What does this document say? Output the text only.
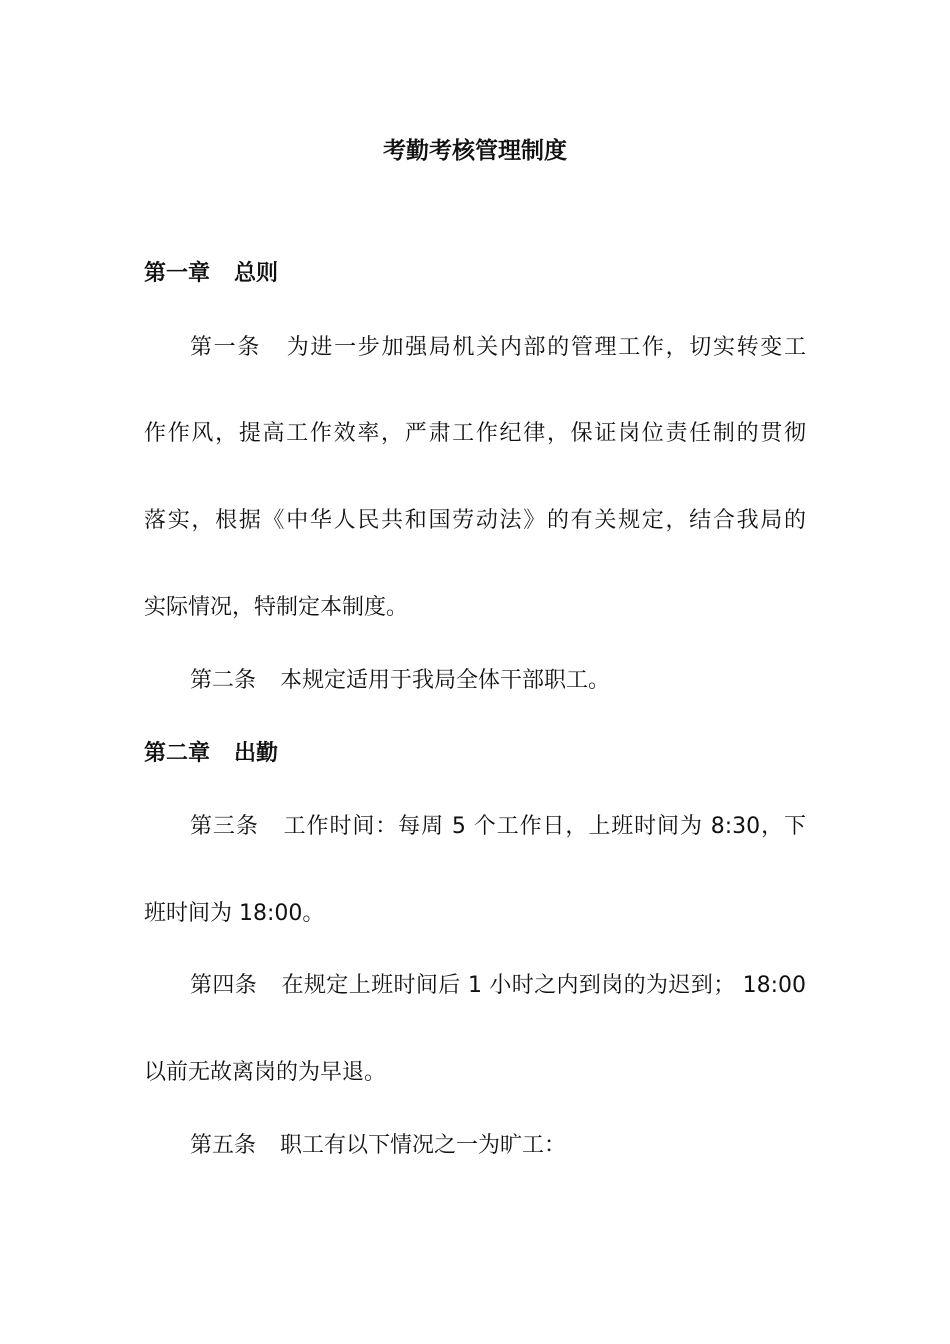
考勤考核管理制度
第一章 总则

第一条 为进一步加强局机关内部的管理工作，切实转变工

作作风，提高工作效率，严肃工作纪律，保证岗位责任制的贯彻

落实，根据《中华人民共和国劳动法》的有关规定，结合我局的

实际情况，特制定本制度。

第二条 本规定适用于我局全体干部职工。

第二章 出勤

第三条 工作时间：每周 5 个工作日，上班时间为 8:30，下

班时间为 18:00。

第四条 在规定上班时间后 1 小时之内到岗的为迟到； 18:00

以前无故离岗的为早退。

第五条 职工有以下情况之一为旷工：
